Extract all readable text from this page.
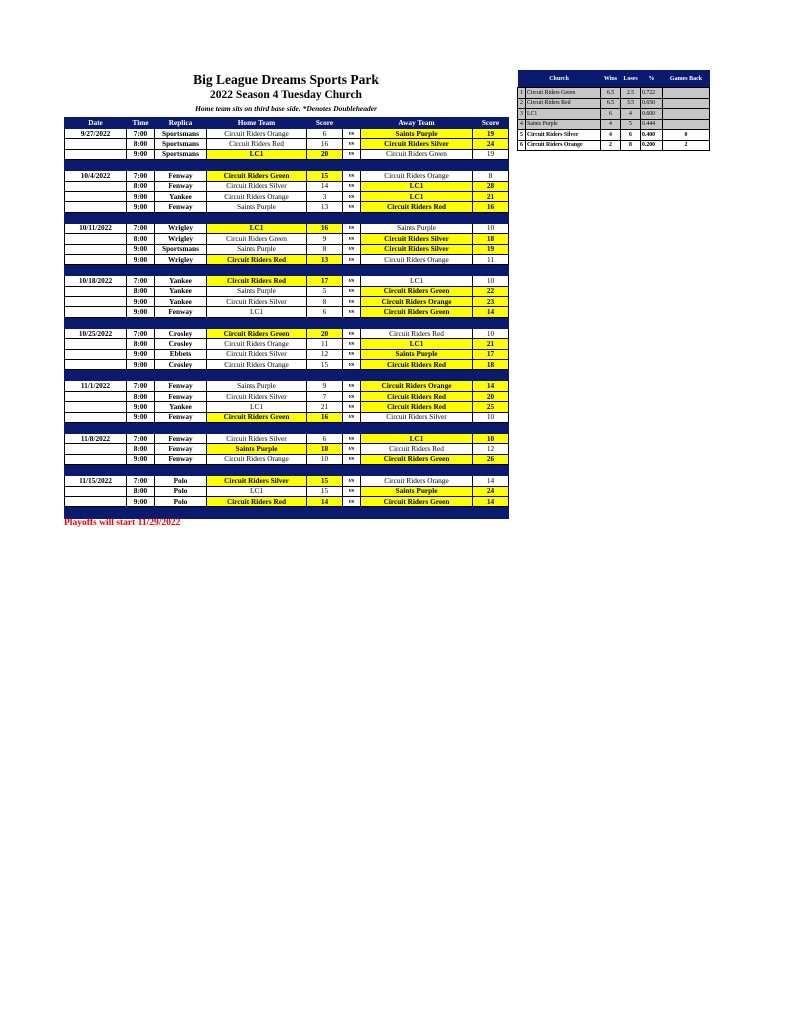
Big League Dreams Sports Park
2022 Season 4 Tuesday Church
Home team sits on third base side. *Denotes Doubleheader
Date	Time	Replica	Home Team	Score		Away Team	Score
9/27/2022	7:00	Sportsmans	Circuit Riders Orange	6	vs	Saints Purple	19
	8:00	Sportsmans	Circuit Riders Red	16	vs	Circuit Riders Silver	24
	9:00	Sportsmans	LC1	20	vs	Circuit Riders Green	19

10/4/2022	7:00	Fenway	Circuit Riders Green	15	vs	Circuit Riders Orange	8
	8:00	Fenway	Circuit Riders Silver	14	vs	LC1	28
	9:00	Yankee	Circuit Riders Orange	3	vs	LC1	21
	9:00	Fenway	Saints Purple	13	vs	Circuit Riders Red	16

10/11/2022	7:00	Wrigley	LC1	16	vs	Saints Purple	10
	8:00	Wrigley	Circuit Riders Green	9	vs	Circuit Riders Silver	18
	9:00	Sportsmans	Saints Purple	8	vs	Circuit Riders Silver	19
	9:00	Wrigley	Circuit Riders Red	13	vs	Circuit Riders Orange	11

10/18/2022	7:00	Yankee	Circuit Riders Red	17	vs	LC1	10
	8:00	Yankee	Saints Purple	5	vs	Circuit Riders Green	22
	9:00	Yankee	Circuit Riders Silver	8	vs	Circuit Riders Orange	23
	9:00	Fenway	LC1	6	vs	Circuit Riders Green	14

10/25/2022	7:00	Crosley	Circuit Riders Green	20	vs	Circuit Riders Red	10
	8:00	Crosley	Circuit Riders Orange	11	vs	LC1	21
	9:00	Ebbets	Circuit Riders Silver	12	vs	Saints Purple	17
	9:00	Crosley	Circuit Riders Orange	15	vs	Circuit Riders Red	18

11/1/2022	7:00	Fenway	Saints Purple	9	vs	Circuit Riders Orange	14
	8:00	Fenway	Circuit Riders Silver	7	vs	Circuit Riders Red	20
	9:00	Yankee	LC1	21	vs	Circuit Riders Red	25
	9:00	Fenway	Circuit Riders Green	16	vs	Circuit Riders Silver	10

11/8/2022	7:00	Fenway	Circuit Riders Silver	6	vs	LC1	10
	8:00	Fenway	Saints Purple	18	vs	Circuit Riders Red	12
	9:00	Fenway	Circuit Riders Orange	10	vs	Circuit Riders Green	26

11/15/2022	7:00	Polo	Circuit Riders Silver	15	vs	Circuit Riders Orange	14
	8:00	Polo	LC1	15	vs	Saints Purple	24
	9:00	Polo	Circuit Riders Red	14	vs	Circuit Riders Green	14

Playoffs will start 11/29/2022
Church		Wins	Loses	%	Games Back
1	Circuit Riders Green	6.5	2.5	0.722	
2	Circuit Riders Red	6.5	3.5	0.650	
3	LC1	6	4	0.600	
4	Saints Purple	4	5	0.444	
5	Circuit Riders Silver	4	6	0.400	0
6	Circuit Riders Orange	2	8	0.200	2
